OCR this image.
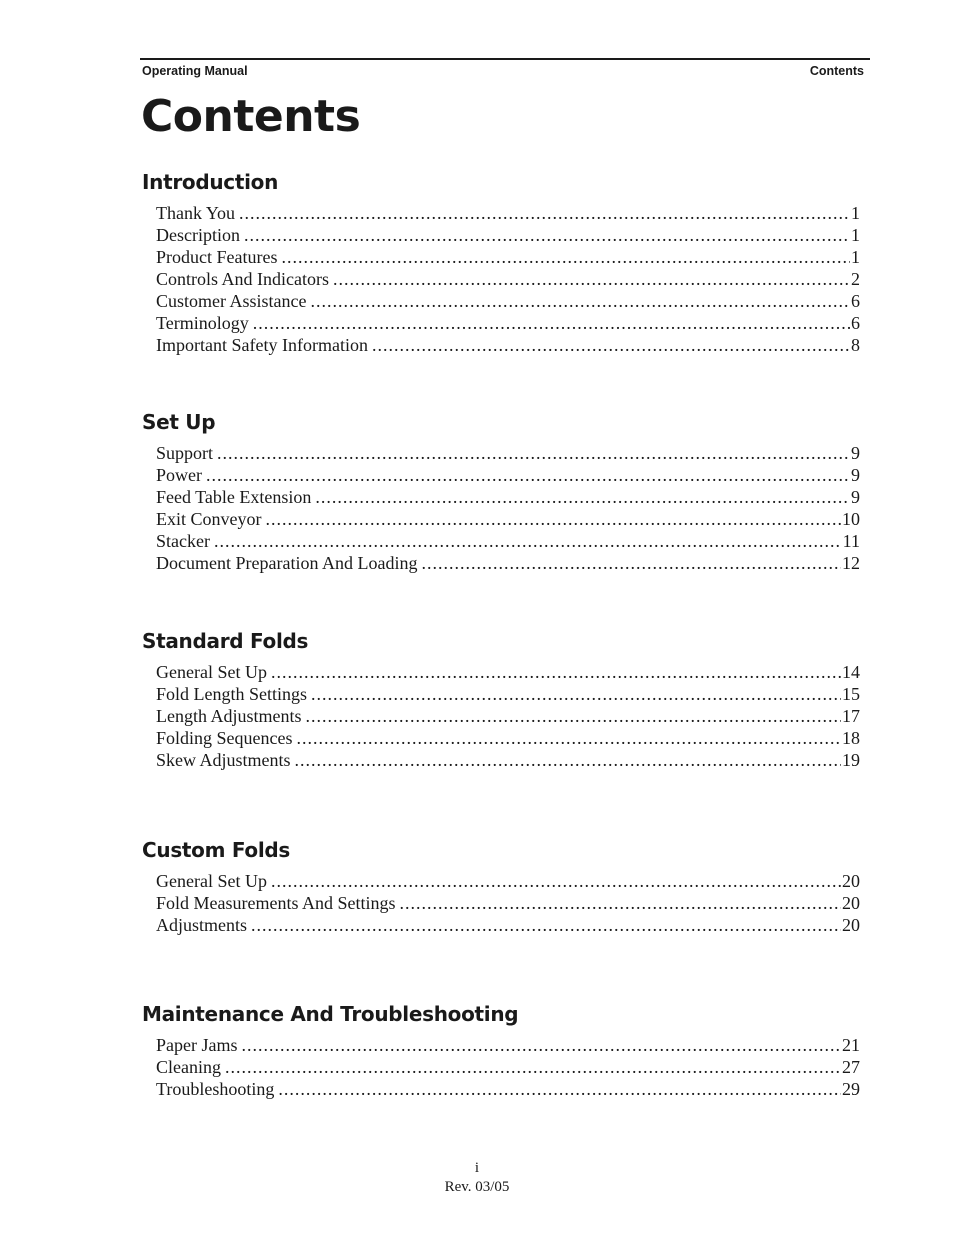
Operating Manual	Contents
Contents
Introduction
Thank You .....	1
Description .....	1
Product Features .....	1
Controls And Indicators .....	2
Customer Assistance .....	6
Terminology .....	6
Important Safety Information .....	8
Set Up
Support .....	9
Power .....	9
Feed Table Extension .....	9
Exit Conveyor .....	10
Stacker .....	11
Document Preparation And Loading .....	12
Standard Folds
General Set Up .....	14
Fold Length Settings .....	15
Length Adjustments .....	17
Folding Sequences .....	18
Skew Adjustments .....	19
Custom Folds
General Set Up .....	20
Fold Measurements And Settings .....	20
Adjustments .....	20
Maintenance And Troubleshooting
Paper Jams .....	21
Cleaning .....	27
Troubleshooting .....	29
i
Rev. 03/05
